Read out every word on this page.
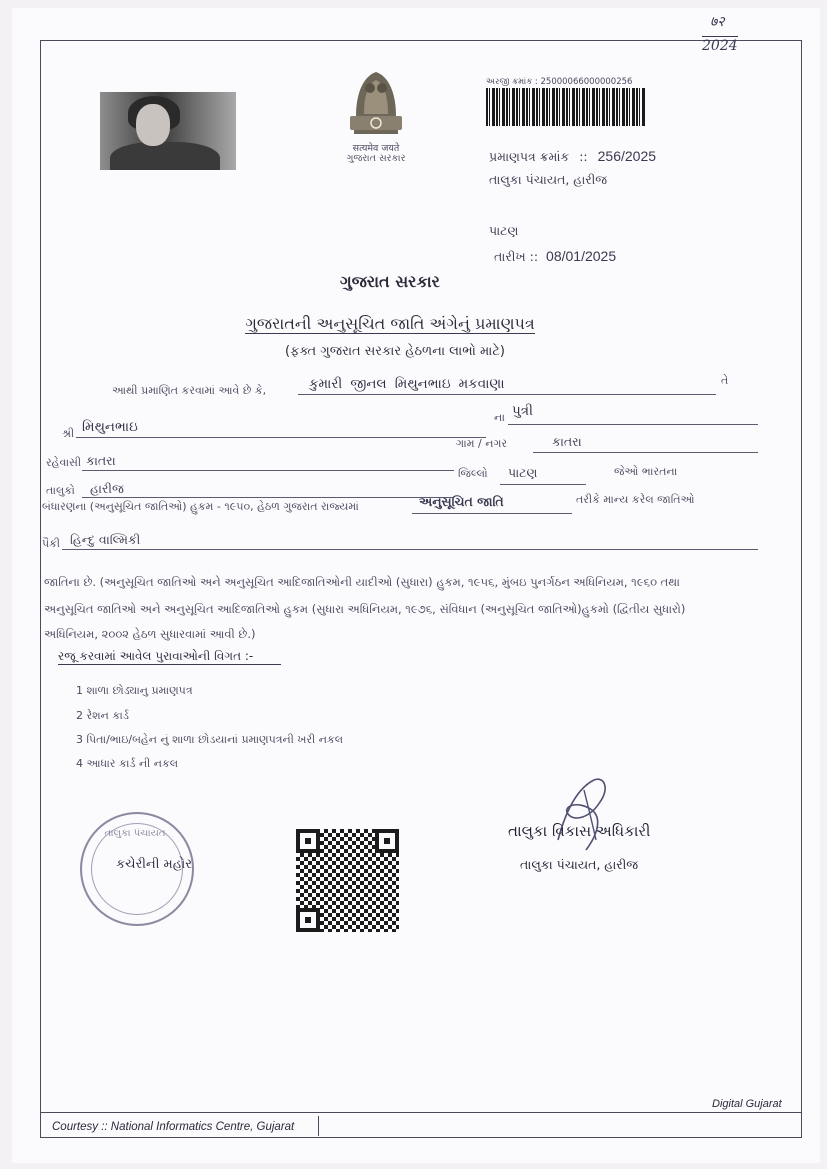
७२
2024
सत्यमेव जयते
ગુજરાત સરકાર
અરજી ક્રમાંક : 25000066000000256
પ્રમાણપત્ર ક્રમાંક :: 256/2025
તાલુકા પંચાયત, હારીજ
પાટણ
તારીખ :: 08/01/2025
ગુજરાત સરકાર
ગુજરાતની અનુસૂચિત જાતિ અંગેનું પ્રમાણપત્ર
(ફક્ત ગુજરાત સરકાર હેઠળના લાભો માટે)
આથી પ્રમાણિત કરવામાં આવે છે કે,	કુમારી જીનલ મિથુનભાઇ મકવાણા	તે
શ્રી મિથુનભાઇ
ના પુત્રી
ગામ / નગર	કાતરા
રહેવાસી કાતરા
તાલુકો હારીજ
જિલ્લો પાટણ	જેઓ ભારતના
બંધારણના (અનુસૂચિત જાતિઓ) હુકમ - ૧૯૫૦, હેઠળ ગુજરાત રાજ્યમાં	અનુસૂચિત જાતિ	તરીકે માન્ય કરેલ જાતિઓ
પૈકી હિન્દુ વાલ્મિકી
જાતિના છે. (અનુસૂચિત જાતિઓ અને અનુસૂચિત આદિજાતિઓની યાદીઓ (સુધારા) હુકમ, ૧૯૫૬, મુંબઇ પુનર્ગઠન અધિનિયમ, ૧૯૬૦ તથા
અનુસૂચિત જાતિઓ અને અનુસૂચિત આદિજાતિઓ હુકમ (સુધારા અધિનિયમ, ૧૯૭૬, સંવિધાન (અનુસૂચિત જાતિઓ)હુકમો (દ્વિતીય સુધારો)
અધિનિયમ, ૨૦૦૨ હેઠળ સુધારવામાં આવી છે.)
રજૂ કરવામાં આવેલ પુરાવાઓની વિગત :-
1 શાળા છોડ્યાનુ પ્રમાણપત્ર
2 રેશન કાર્ડ
3 પિતા/ભાઇ/બહેન નું શાળા છોડયાનાં પ્રમાણપત્રની ખરી નકલ
4 આધાર કાર્ડ ની નકલ
તાલુકા પંચાયત
કચેરીની મહોર
તાલુકા વિકાસ અધિકારી
તાલુકા પંચાયત, હારીજ
Digital Gujarat
Courtesy :: National Informatics Centre, Gujarat
